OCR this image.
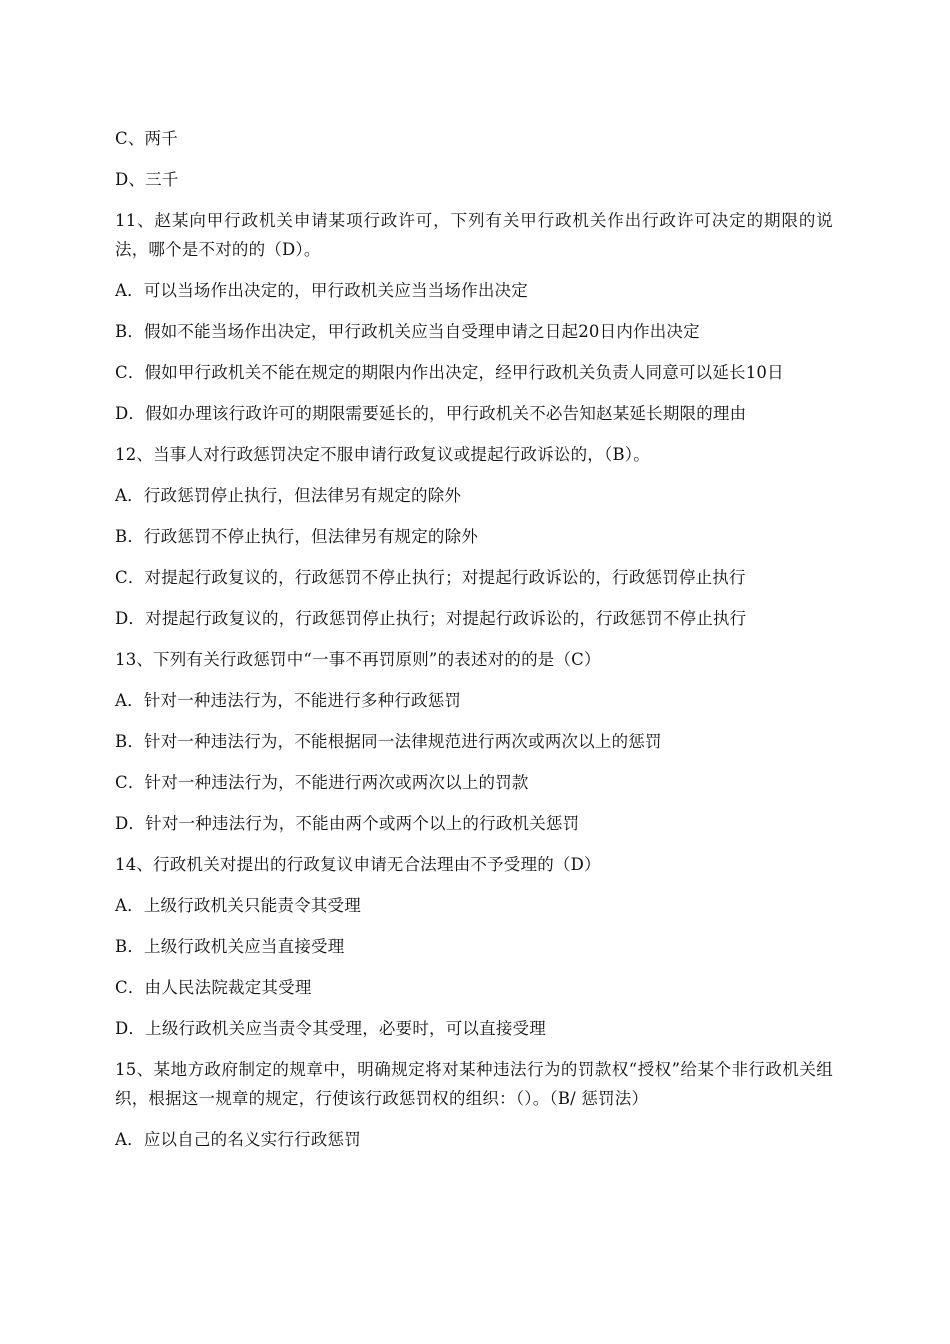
C、两千

D、三千

11、赵某向甲行政机关申请某项行政许可，下列有关甲行政机关作出行政许可决定的期限的说法，哪个是不对的的（D）。

A．可以当场作出决定的，甲行政机关应当当场作出决定

B．假如不能当场作出决定，甲行政机关应当自受理申请之日起20日内作出决定

C．假如甲行政机关不能在规定的期限内作出决定，经甲行政机关负责人同意可以延长10日

D．假如办理该行政许可的期限需要延长的，甲行政机关不必告知赵某延长期限的理由

12、当事人对行政惩罚决定不服申请行政复议或提起行政诉讼的，（B）。

A．行政惩罚停止执行，但法律另有规定的除外

B．行政惩罚不停止执行，但法律另有规定的除外

C．对提起行政复议的，行政惩罚不停止执行；对提起行政诉讼的，行政惩罚停止执行

D．对提起行政复议的，行政惩罚停止执行；对提起行政诉讼的，行政惩罚不停止执行

13、下列有关行政惩罚中“一事不再罚原则”的表述对的的是（C）

A．针对一种违法行为，不能进行多种行政惩罚

B．针对一种违法行为，不能根据同一法律规范进行两次或两次以上的惩罚

C．针对一种违法行为，不能进行两次或两次以上的罚款

D．针对一种违法行为，不能由两个或两个以上的行政机关惩罚

14、行政机关对提出的行政复议申请无合法理由不予受理的（D）

A．上级行政机关只能责令其受理

B．上级行政机关应当直接受理

C．由人民法院裁定其受理

D．上级行政机关应当责令其受理，必要时，可以直接受理

15、某地方政府制定的规章中，明确规定将对某种违法行为的罚款权“授权”给某个非行政机关组织，根据这一规章的规定，行使该行政惩罚权的组织：（）。（B/ 惩罚法）

A．应以自己的名义实行行政惩罚
